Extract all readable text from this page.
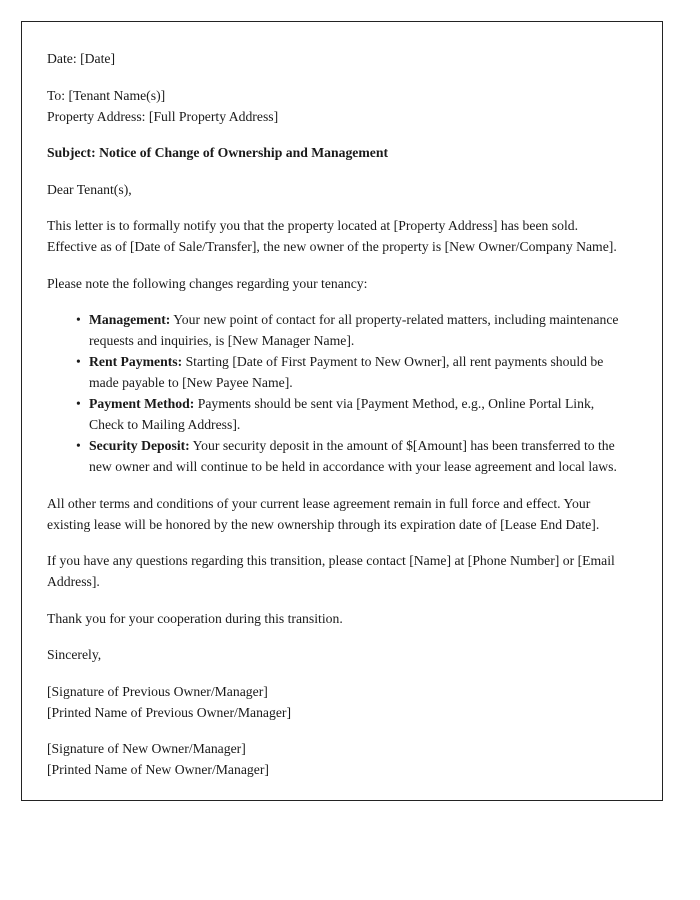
Date: [Date]

To: [Tenant Name(s)]
Property Address: [Full Property Address]

Subject: Notice of Change of Ownership and Management

Dear Tenant(s),

This letter is to formally notify you that the property located at [Property Address] has been sold. Effective as of [Date of Sale/Transfer], the new owner of the property is [New Owner/Company Name].

Please note the following changes regarding your tenancy:

• Management: Your new point of contact for all property-related matters, including maintenance requests and inquiries, is [New Manager Name].
• Rent Payments: Starting [Date of First Payment to New Owner], all rent payments should be made payable to [New Payee Name].
• Payment Method: Payments should be sent via [Payment Method, e.g., Online Portal Link, Check to Mailing Address].
• Security Deposit: Your security deposit in the amount of $[Amount] has been transferred to the new owner and will continue to be held in accordance with your lease agreement and local laws.

All other terms and conditions of your current lease agreement remain in full force and effect. Your existing lease will be honored by the new ownership through its expiration date of [Lease End Date].

If you have any questions regarding this transition, please contact [Name] at [Phone Number] or [Email Address].

Thank you for your cooperation during this transition.

Sincerely,

[Signature of Previous Owner/Manager]
[Printed Name of Previous Owner/Manager]
[Signature of New Owner/Manager]
[Printed Name of New Owner/Manager]
